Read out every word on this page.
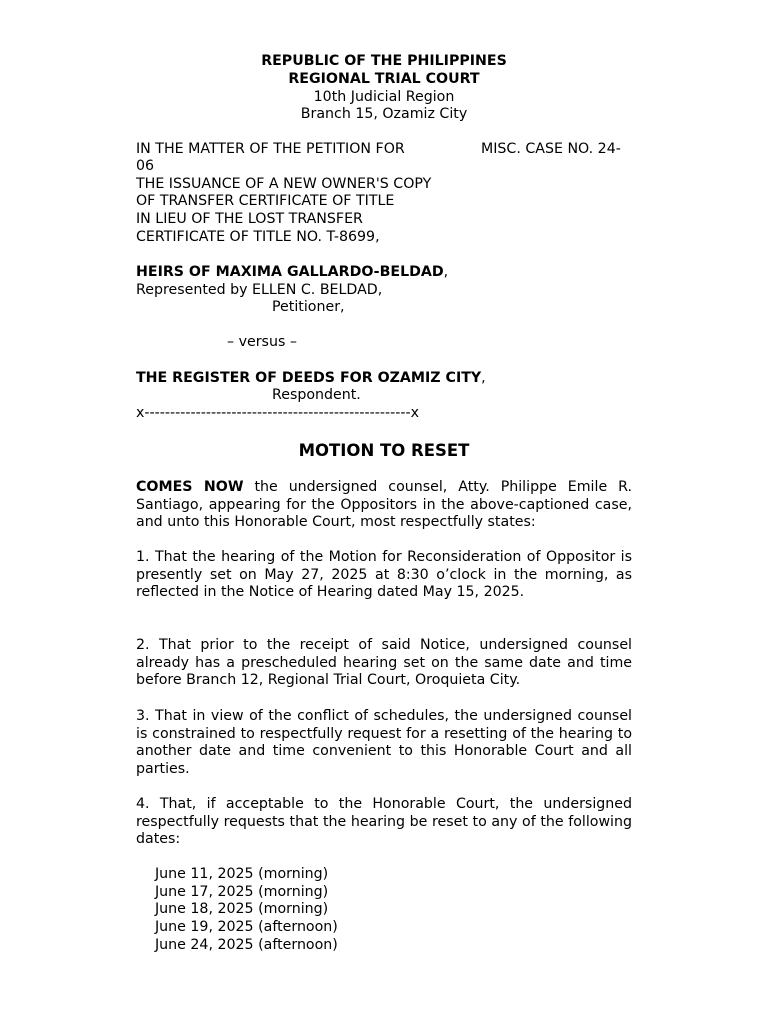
REPUBLIC OF THE PHILIPPINES
REGIONAL TRIAL COURT
10th Judicial Region
Branch 15, Ozamiz City
IN THE MATTER OF THE PETITION FOR	MISC. CASE NO. 24-
06
THE ISSUANCE OF A NEW OWNER'S COPY
OF TRANSFER CERTIFICATE OF TITLE
IN LIEU OF THE LOST TRANSFER
CERTIFICATE OF TITLE NO. T-8699,
HEIRS OF MAXIMA GALLARDO-BELDAD,
Represented by ELLEN C. BELDAD,
Petitioner,
– versus –
THE REGISTER OF DEEDS FOR OZAMIZ CITY,
Respondent.
x----------------------------------------------------x
MOTION TO RESET
COMES NOW the undersigned counsel, Atty. Philippe Emile R. Santiago, appearing for the Oppositors in the above-captioned case, and unto this Honorable Court, most respectfully states:
1. That the hearing of the Motion for Reconsideration of Oppositor is presently set on May 27, 2025 at 8:30 o’clock in the morning, as reflected in the Notice of Hearing dated May 15, 2025.
2. That prior to the receipt of said Notice, undersigned counsel already has a prescheduled hearing set on the same date and time before Branch 12, Regional Trial Court, Oroquieta City.
3. That in view of the conflict of schedules, the undersigned counsel is constrained to respectfully request for a resetting of the hearing to another date and time convenient to this Honorable Court and all parties.
4. That, if acceptable to the Honorable Court, the undersigned respectfully requests that the hearing be reset to any of the following dates:
June 11, 2025 (morning)
June 17, 2025 (morning)
June 18, 2025 (morning)
June 19, 2025 (afternoon)
June 24, 2025 (afternoon)
